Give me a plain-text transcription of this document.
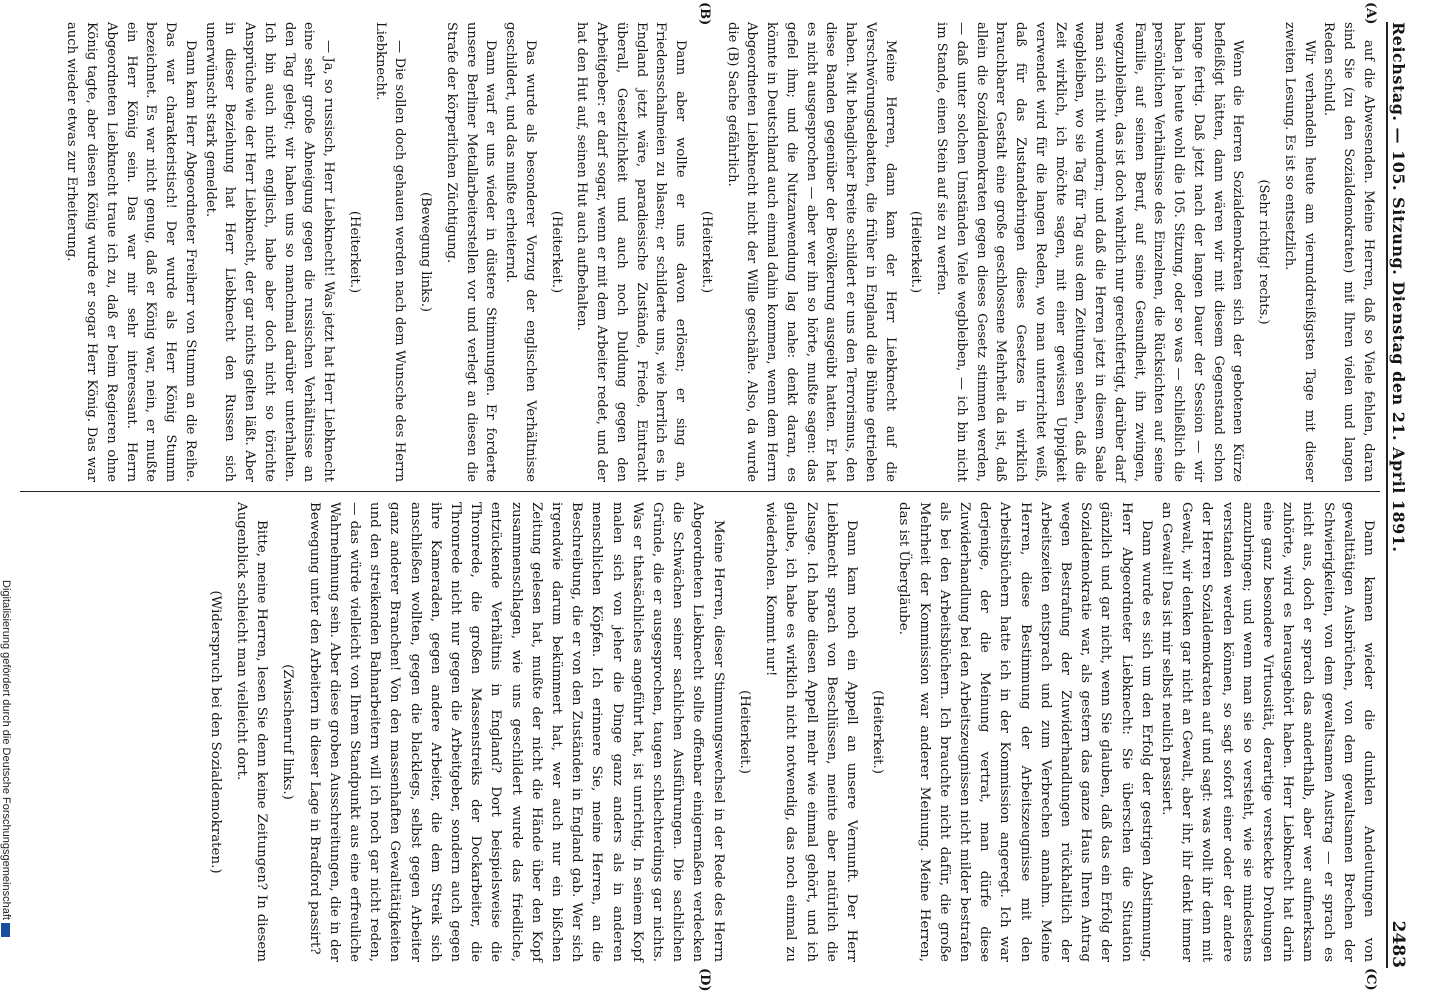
Reichstag. — 105. Sitzung. Dienstag den 21. April 1891.
2483
(A)
(B)
(C)
(D)

auf die Abwesenden. Meine Herren, daß so Viele fehlen, daran sind Sie (zu den Sozialdemokraten) mit Ihren vielen und langen Reden schuld.

Wir verhandeln heute am vierunddreißigsten Tage mit dieser zweiten Lesung. Es ist so entsetzlich.

(Sehr richtig! rechts.)

Wenn die Herren Sozialdemokraten sich der gebotenen Kürze befleißigt hätten, dann wären wir mit diesem Gegenstand schon lange fertig. Daß jetzt nach der langen Dauer der Session — wir haben ja heute wohl die 105. Sitzung, oder so was — schließlich die persönlichen Verhältnisse des Einzelnen, die Rücksichten auf seine Familie, auf seinen Beruf, auf seine Gesundheit, ihn zwingen, wegzubleiben, das ist doch wahrlich nur gerechtfertigt, darüber darf man sich nicht wundern; und daß die Herren jetzt in diesem Saale wegbleiben, wo sie Tag für Tag aus dem Zeitungen sehen, daß die Zeit wirklich, ich möchte sagen, mit einer gewissen Uppigkeit verwendet wird für die langen Reden, wo man unterrichtet weiß, daß für das Zustandebringen dieses Gesetzes in wirklich brauchbarer Gestalt eine große geschlossene Mehrheit da ist, daß allein die Sozialdemokraten gegen dieses Gesetz stimmen werden, — daß unter solchen Umständen Viele wegbleiben, — ich bin nicht im Stande, einen Stein auf sie zu werfen.

(Heiterkeit.)

Meine Herren, dann kam der Herr Liebknecht auf die Verschwörungsdebatten, die früher in England die Bühne getrieben haben. Mit behaglicher Breite schildert er uns den Terrorismus, den diese Banden gegenüber der Bevölkerung ausgeübt hatten. Er hat es nicht ausgesprochen — aber wer ihn so hörte, mußte sagen: das gefiel ihm; und die Nutzanwendung lag nahe: denkt daran, es könnte in Deutschland auch einmal dahin kommen, wenn dem Herrn Abgeordneten Liebknecht nicht der Wille geschähe. Also, da wurde die (B) Sache gefährlich.

(Heiterkeit.)

Dann aber wollte er uns davon erlösen; er sing an, Friedensschalmeien zu blasen; er schilderte uns, wie herrlich es in England jetzt wäre, paradiesische Zustände, Friede, Eintracht überall, Gesetzlichkeit und auch noch Duldung gegen den Arbeitgeber: er darf sogar, wenn er mit dem Arbeiter redet, und der hat den Hut auf, seinen Hut auch aufbehalten.

(Heiterkeit.)

Das wurde als besonderer Vorzug der englischen Verhältnisse geschildert, und das mußte erheiternd.

Dann warf er uns wieder in düstere Stimmungen. Er forderte unsere Berliner Metallarbeiterstellen vor und verlegt an diesen die Strafe der körperlichen Züchtigung.

(Bewegung links.)

— Die sollen doch gehauen werden nach dem Wunsche des Herrn Liebknecht.

(Heiterkeit.)

— Ja, so russisch, Herr Liebknecht! Was jetzt hat Herr Liebknecht eine sehr große Abneigung gegen die russischen Verhältnisse an den Tag gelegt; wir haben uns so manchmal darüber unterhalten. Ich bin auch nicht englisch, habe aber doch nicht so törichte Ansprüche wie der Herr Liebknecht, der gar nichts gelten läßt. Aber in dieser Beziehung hat Herr Liebknecht den Russen sich unerwünscht stark gemeldet.

Dann kam Herr Abgeordneter Freiherr von Stumm an die Reihe. Das war charakteristisch! Der wurde als Herr König Stumm bezeichnet. Es war nicht genug, daß er König war, nein, er mußte ein Herr König sein. Das war mir sehr interessant. Herrn Abgeordneten Liebknecht traue ich zu, daß er beim Regieren ohne König tagte, aber diesen König wurde er sogar Herr König. Das war auch wieder etwas zur Erheiterung.

Dann kamen wieder die dunklen Andeutungen von gewalttätigen Ausbrüchen, von dem gewaltsamen Brechen der Schwierigkeiten, von dem gewaltsamen Austrag — er sprach es nicht aus, doch er sprach das anderthalb, aber wer aufmerksam zuhörte, wird es herausgehört haben. Herr Liebknecht hat darin eine ganz besondere Virtuosität, derartige versteckte Drohungen anzubringen; und wenn man sie so versteht, wie sie mindestens verstanden werden können, so sagt sofort einer oder der andere der Herren Sozialdemokraten auf und sagt: was wollt ihr denn mit Gewalt, wir denken gar nicht an Gewalt, aber ihr, ihr denkt immer an Gewalt! Das ist mir selbst neulich passiert.

Dann wurde es sich um den Erfolg der gestrigen Abstimmung. Herr Abgeordneter Liebknecht: Sie überschen die Situation gänzlich und gar nicht, wenn Sie glauben, daß das ein Erfolg der Sozialdemokratie war, als gestern das ganze Haus Ihren Antrag wegen Bestrafung der Zuwiderhandlungen rückhaltlich der Arbeitszeiten entsprach und zum Verbrechen annahm. Meine Herren, diese Bestimmung der Arbeitszeugnisse mit den Arbeitsbüchern hatte ich in der Kommission angeregt. Ich war derjenige, der die Meinung vertrat, man dürfe diese Zuwiderhandlung bei den Arbeitszeugnissen nicht milder bestrafen als bei den Arbeitsbüchern. Ich brauchte nicht dafür, die große Mehrheit der Kommission war anderer Meinung. Meine Herren, das ist Übergläube.

(Heiterkeit.)

Dann kam noch ein Appell an unsere Vernunft. Der Herr Liebknecht sprach von Beschlüssen, meinte aber natürlich die Zusage. Ich habe diesen Appell mehr wie einmal gehört, und ich glaube, ich habe es wirklich nicht notwendig, das noch einmal zu wiederholen. Kommt nur!

(Heiterkeit.)

Meine Herren, dieser Stimmungswechsel in der Rede des Herrn Abgeordneten Liebknecht sollte offenbar einigermaßen verdecken die Schwächen seiner sachlichen Ausführungen. Die sachlichen Gründe, die er ausgesprochen, taugen schlechterdings gar nichts. Was er thatsächliches angeführt hat, ist unrichtig. In seinem Kopf malen sich von jeher die Dinge ganz anders als in anderen menschlichen Köpfen. Ich erinnere Sie, meine Herren, an die Beschreibung, die er von den Zuständen in England gab. Wer sich irgendwie darum bekümmert hat, wer auch nur ein bißchen Zeitung gelesen hat, mußte der nicht die Hände über den Kopf zusammenschlagen, wie uns geschildert wurde das friedliche, entzückende Verhältnis in England? Dort beispielsweise die Thronrede, die großen Massenstreiks der Dockarbeiter, die Thronrede nicht nur gegen die Arbeitgeber, sondern auch gegen ihre Kameraden, gegen andere Arbeiter, die dem Streik sich anschließen wollten, gegen die blacklegs, selbst gegen Arbeiter ganz anderer Branchen! Von den massenhaften Gewalttätigkeiten und den streikenden Bahnarbeitern will ich noch gar nicht reden, — das würde vielleicht von Ihrem Standpunkt aus eine erfreuliche Wahrnehmung sein. Aber diese groben Ausschreitungen, die in der Bewegung unter den Arbeitern in dieser Lage in Bradford passirt?

(Zwischenruf links.)

Bitte, meine Herren, lesen Sie denn keine Zeitungen? In diesem Augenblick schleicht man vielleicht dort.

(Widerspruch bei den Sozialdemokraten.)

Digitalisierung gefördert durch die Deutsche Forschungsgemeinschaft
